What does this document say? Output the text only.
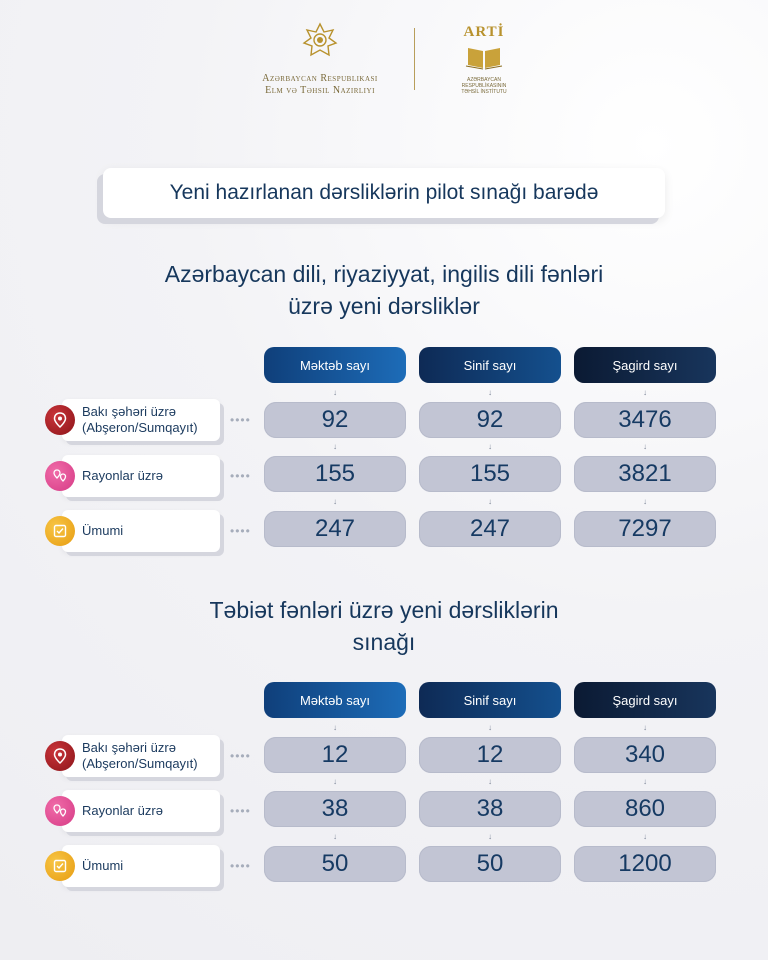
Azərbaycan Respublikası
Elm və Təhsil Nazirliyi
ARTİ
AZƏRBAYCAN RESPUBLİKASININ
TƏHSİL İNSTİTUTU
Yeni hazırlanan dərsliklərin pilot sınağı barədə
Azərbaycan dili, riyaziyyat, ingilis dili fənləri
üzrə yeni dərsliklər
Məktəb sayı	Sinif sayı	Şagird sayı
↓	↓	↓
Bakı şəhəri üzrə
(Abşeron/Sumqayıt)	••••	92	92	3476
↓	↓	↓
Rayonlar üzrə	••••	155	155	3821
↓	↓	↓
Ümumi	••••	247	247	7297
Təbiət fənləri üzrə yeni dərsliklərin
sınağı
Məktəb sayı	Sinif sayı	Şagird sayı
↓	↓	↓
Bakı şəhəri üzrə
(Abşeron/Sumqayıt)	••••	12	12	340
↓	↓	↓
Rayonlar üzrə	••••	38	38	860
↓	↓	↓
Ümumi	••••	50	50	1200
